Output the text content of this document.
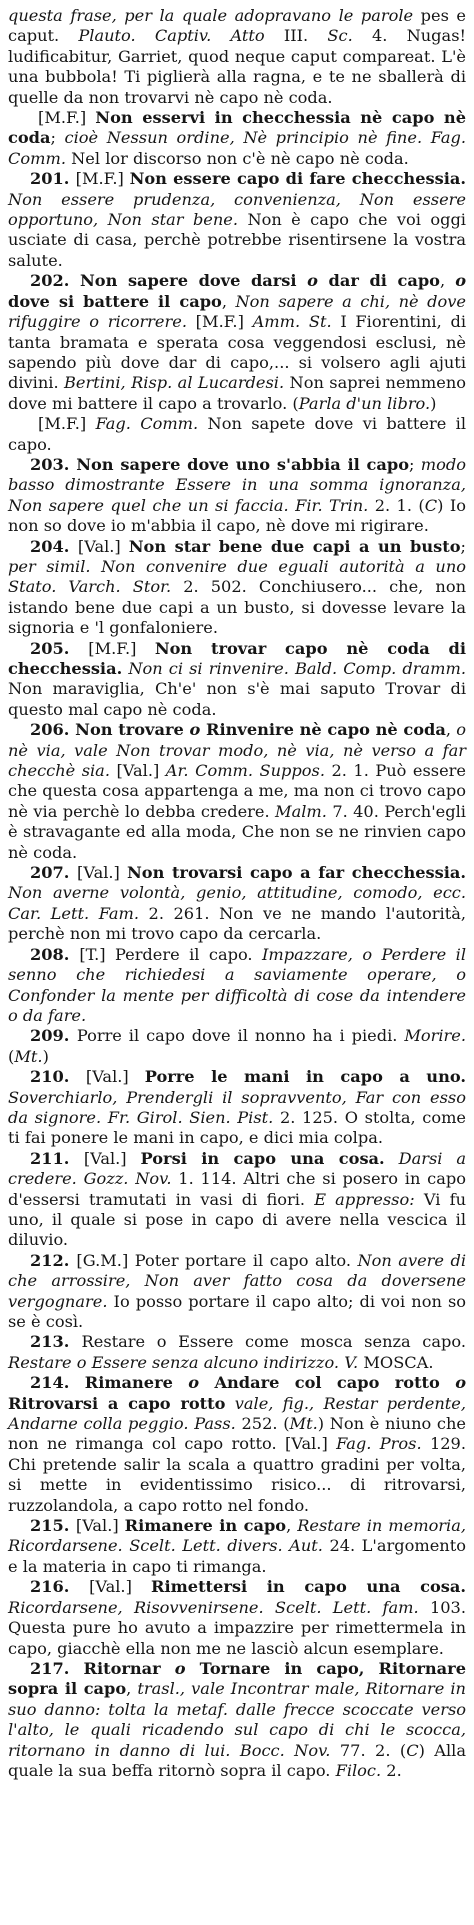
questa frase, per la quale adopravano le parole pes e caput. Plauto. Captiv. Atto III. Sc. 4. Nugas! ludificabitur, Garriet, quod neque caput compareat. L'è una bubbola! Ti piglierà alla ragna, e te ne sballerà di quelle da non trovarvi nè capo nè coda.

[M.F.] Non esservi in checchessia nè capo nè coda; cioè Nessun ordine, Nè principio nè fine. Fag. Comm. Nel lor discorso non c'è nè capo nè coda.

201. [M.F.] Non essere capo di fare checchessia. Non essere prudenza, convenienza, Non essere opportuno, Non star bene. Non è capo che voi oggi usciate di casa, perchè potrebbe risentirsene la vostra salute.

202. Non sapere dove darsi o dar di capo, o dove si battere il capo, Non sapere a chi, nè dove rifuggire o ricorrere. [M.F.] Amm. St. I Fiorentini, di tanta bramata e sperata cosa veggendosi esclusi, nè sapendo più dove dar di capo,... si volsero agli ajuti divini. Bertini, Risp. al Lucardesi. Non saprei nemmeno dove mi battere il capo a trovarlo. (Parla d'un libro.)

[M.F.] Fag. Comm. Non sapete dove vi battere il capo.

203. Non sapere dove uno s'abbia il capo; modo basso dimostrante Essere in una somma ignoranza, Non sapere quel che un si faccia. Fir. Trin. 2. 1. (C) Io non so dove io m'abbia il capo, nè dove mi rigirare.

204. [Val.] Non star bene due capi a un busto; per simil. Non convenire due eguali autorità a uno Stato. Varch. Stor. 2. 502. Conchiusero... che, non istando bene due capi a un busto, si dovesse levare la signoria e 'l gonfaloniere.

205. [M.F.] Non trovar capo nè coda di checchessia. Non ci si rinvenire. Bald. Comp. dramm. Non maraviglia, Ch'e' non s'è mai saputo Trovar di questo mal capo nè coda.

206. Non trovare o Rinvenire nè capo nè coda, o nè via, vale Non trovar modo, nè via, nè verso a far checchè sia. [Val.] Ar. Comm. Suppos. 2. 1. Può essere che questa cosa appartenga a me, ma non ci trovo capo nè via perchè lo debba credere. Malm. 7. 40. Perch'egli è stravagante ed alla moda, Che non se ne rinvien capo nè coda.

207. [Val.] Non trovarsi capo a far checchessia. Non averne volontà, genio, attitudine, comodo, ecc. Car. Lett. Fam. 2. 261. Non ve ne mando l'autorità, perchè non mi trovo capo da cercarla.

208. [T.] Perdere il capo. Impazzare, o Perdere il senno che richiedesi a saviamente operare, o Confonder la mente per difficoltà di cose da intendere o da fare.

209. Porre il capo dove il nonno ha i piedi. Morire. (Mt.)

210. [Val.] Porre le mani in capo a uno. Soverchiarlo, Prendergli il sopravvento, Far con esso da signore. Fr. Girol. Sien. Pist. 2. 125. O stolta, come ti fai ponere le mani in capo, e dici mia colpa.

211. [Val.] Porsi in capo una cosa. Darsi a credere. Gozz. Nov. 1. 114. Altri che si posero in capo d'essersi tramutati in vasi di fiori. E appresso: Vi fu uno, il quale si pose in capo di avere nella vescica il diluvio.

212. [G.M.] Poter portare il capo alto. Non avere di che arrossire, Non aver fatto cosa da doversene vergognare. Io posso portare il capo alto; di voi non so se è così.

213. Restare o Essere come mosca senza capo. Restare o Essere senza alcuno indirizzo. V. MOSCA.

214. Rimanere o Andare col capo rotto o Ritrovarsi a capo rotto vale, fig., Restar perdente, Andarne colla peggio. Pass. 252. (Mt.) Non è niuno che non ne rimanga col capo rotto. [Val.] Fag. Pros. 129. Chi pretende salir la scala a quattro gradini per volta, si mette in evidentissimo risico... di ritrovarsi, ruzzolandola, a capo rotto nel fondo.

215. [Val.] Rimanere in capo, Restare in memoria, Ricordarsene. Scelt. Lett. divers. Aut. 24. L'argomento e la materia in capo ti rimanga.

216. [Val.] Rimettersi in capo una cosa. Ricordarsene, Risovvenirsene. Scelt. Lett. fam. 103. Questa pure ho avuto a impazzire per rimettermela in capo, giacchè ella non me ne lasciò alcun esemplare.

217. Ritornar o Tornare in capo, Ritornare sopra il capo, trasl., vale Incontrar male, Ritornare in suo danno: tolta la metaf. dalle frecce scoccate verso l'alto, le quali ricadendo sul capo di chi le scocca, ritornano in danno di lui. Bocc. Nov. 77. 2. (C) Alla quale la sua beffa ritornò sopra il capo. Filoc. 2.
